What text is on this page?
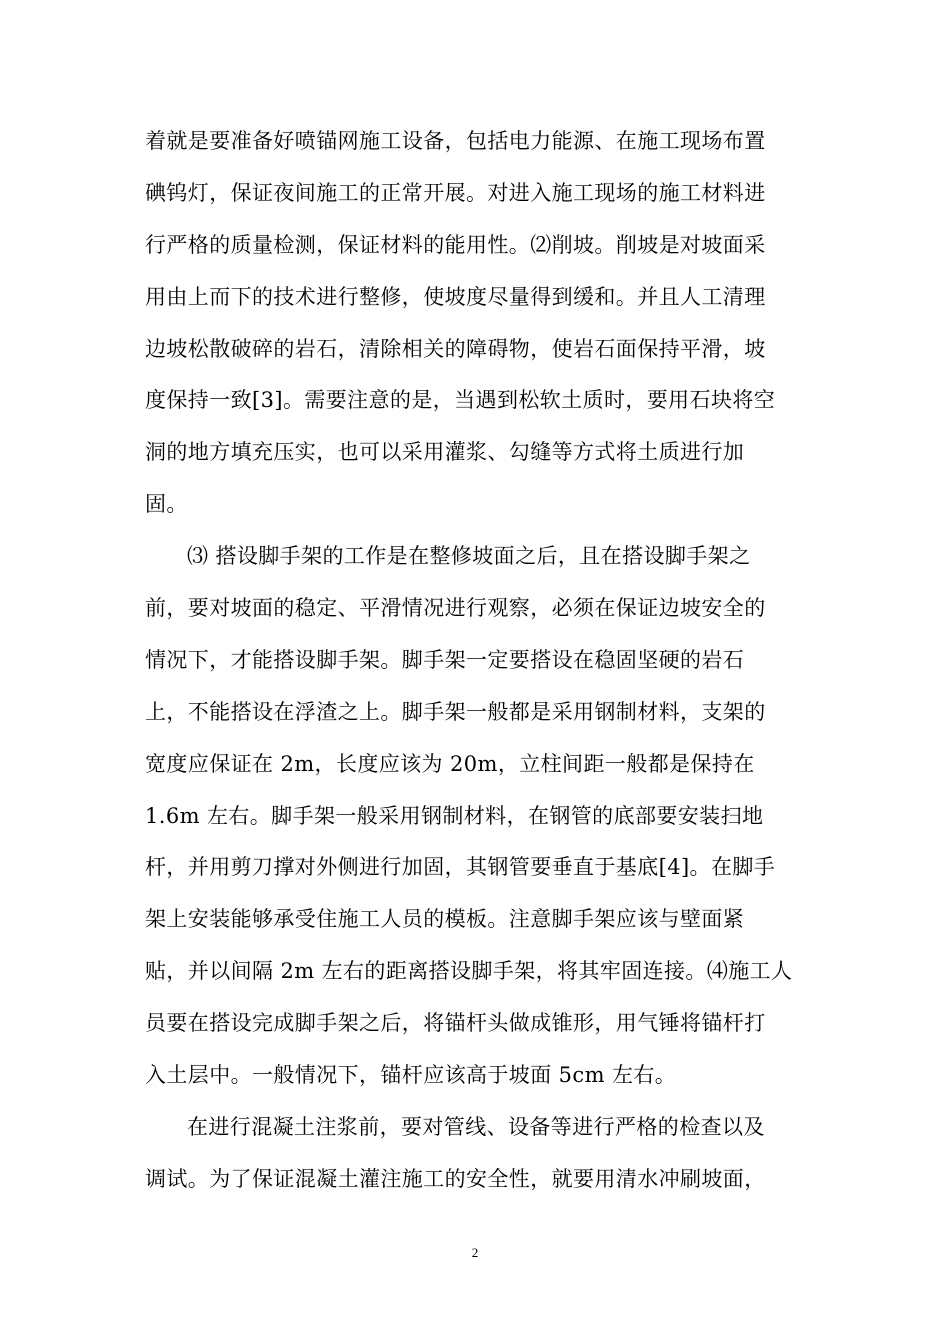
着就是要准备好喷锚网施工设备，包括电力能源、在施工现场布置
碘钨灯，保证夜间施工的正常开展。对进入施工现场的施工材料进
行严格的质量检测，保证材料的能用性。⑵削坡。削坡是对坡面采
用由上而下的技术进行整修，使坡度尽量得到缓和。并且人工清理
边坡松散破碎的岩石，清除相关的障碍物，使岩石面保持平滑，坡
度保持一致[3]。需要注意的是，当遇到松软土质时，要用石块将空
洞的地方填充压实，也可以采用灌浆、勾缝等方式将土质进行加
固。
⑶ 搭设脚手架的工作是在整修坡面之后，且在搭设脚手架之
前，要对坡面的稳定、平滑情况进行观察，必须在保证边坡安全的
情况下，才能搭设脚手架。脚手架一定要搭设在稳固坚硬的岩石
上，不能搭设在浮渣之上。脚手架一般都是采用钢制材料，支架的
宽度应保证在 2m，长度应该为 20m，立柱间距一般都是保持在
1.6m 左右。脚手架一般采用钢制材料，在钢管的底部要安装扫地
杆，并用剪刀撑对外侧进行加固，其钢管要垂直于基底[4]。在脚手
架上安装能够承受住施工人员的模板。注意脚手架应该与壁面紧
贴，并以间隔 2m 左右的距离搭设脚手架，将其牢固连接。⑷施工人
员要在搭设完成脚手架之后，将锚杆头做成锥形，用气锤将锚杆打
入土层中。一般情况下，锚杆应该高于坡面 5cm 左右。
在进行混凝土注浆前，要对管线、设备等进行严格的检查以及
调试。为了保证混凝土灌注施工的安全性，就要用清水冲刷坡面，
2
